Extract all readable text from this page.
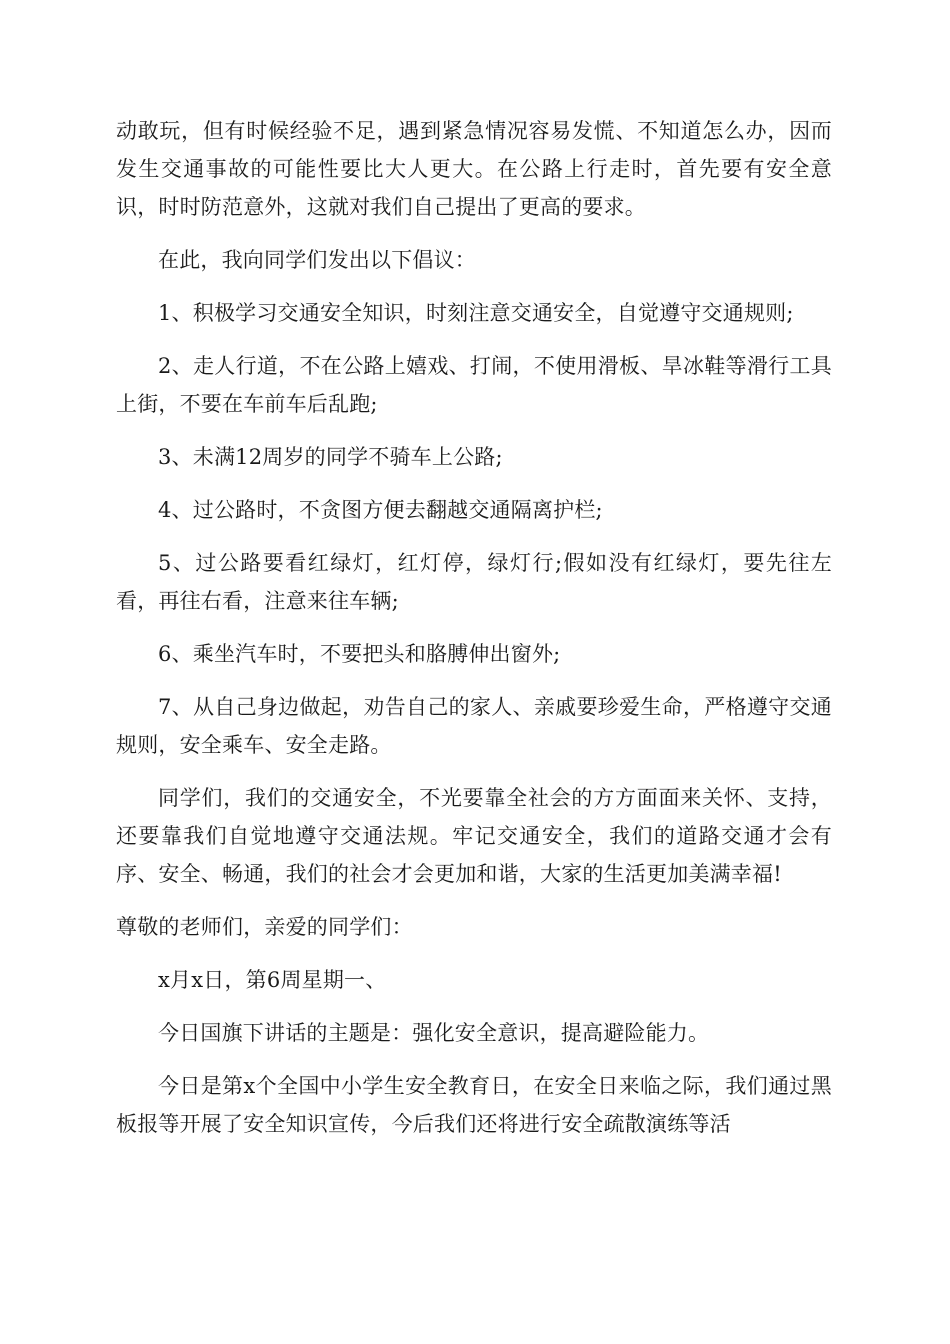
动敢玩，但有时候经验不足，遇到紧急情况容易发慌、不知道怎么办，因而发生交通事故的可能性要比大人更大。在公路上行走时，首先要有安全意识，时时防范意外，这就对我们自己提出了更高的要求。

在此，我向同学们发出以下倡议：

1、积极学习交通安全知识，时刻注意交通安全，自觉遵守交通规则;

2、走人行道，不在公路上嬉戏、打闹，不使用滑板、旱冰鞋等滑行工具上街，不要在车前车后乱跑;

3、未满12周岁的同学不骑车上公路;

4、过公路时，不贪图方便去翻越交通隔离护栏;

5、过公路要看红绿灯，红灯停，绿灯行;假如没有红绿灯，要先往左看，再往右看，注意来往车辆;

6、乘坐汽车时，不要把头和胳膊伸出窗外;

7、从自己身边做起，劝告自己的家人、亲戚要珍爱生命，严格遵守交通规则，安全乘车、安全走路。

同学们，我们的交通安全，不光要靠全社会的方方面面来关怀、支持，还要靠我们自觉地遵守交通法规。牢记交通安全，我们的道路交通才会有序、安全、畅通，我们的社会才会更加和谐，大家的生活更加美满幸福!

尊敬的老师们，亲爱的同学们：

x月x日，第6周星期一、

今日国旗下讲话的主题是：强化安全意识，提高避险能力。

今日是第x个全国中小学生安全教育日，在安全日来临之际，我们通过黑板报等开展了安全知识宣传，今后我们还将进行安全疏散演练等活
